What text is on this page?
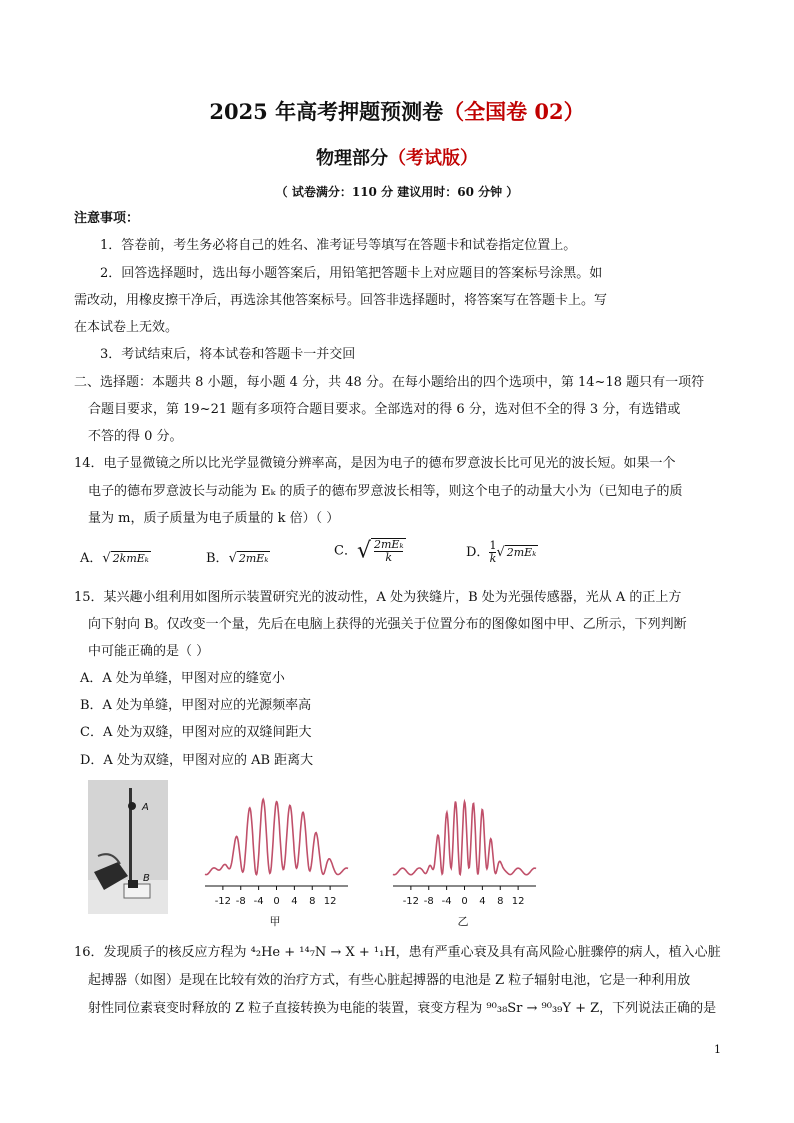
2025 年高考押题预测卷（全国卷 02）
物理部分（考试版）
（ 试卷满分：110 分 建议用时：60 分钟 ）
注意事项：
1．答卷前，考生务必将自己的姓名、准考证号等填写在答题卡和试卷指定位置上。
2．回答选择题时，选出每小题答案后，用铅笔把答题卡上对应题目的答案标号涂黑。如
需改动，用橡皮擦干净后，再选涂其他答案标号。回答非选择题时，将答案写在答题卡上。写
在本试卷上无效。
3．考试结束后，将本试卷和答题卡一并交回
二、选择题：本题共 8 小题，每小题 4 分，共 48 分。在每小题给出的四个选项中，第 14~18 题只有一项符
合题目要求，第 19~21 题有多项符合题目要求。全部选对的得 6 分，选对但不全的得 3 分，有选错或
不答的得 0 分。
14．电子显微镜之所以比光学显微镜分辨率高，是因为电子的德布罗意波长比可见光的波长短。如果一个
电子的德布罗意波长与动能为 Eₖ 的质子的德布罗意波长相等，则这个电子的动量大小为（已知电子的质
量为 m，质子质量为电子质量的 k 倍）（ ）
A．√ 2kmEₖ	B．√ 2mEₖ	C．√ $\frac{\text{2mEₖ}}{k}$	D． $\frac{1}{k}$ √ 2mEₖ
15．某兴趣小组利用如图所示装置研究光的波动性，A 处为狭缝片，B 处为光强传感器，光从 A 的正上方
向下射向 B。仅改变一个量，先后在电脑上获得的光强关于位置分布的图像如图中甲、乙所示，下列判断
中可能正确的是（ ）
A．A 处为单缝，甲图对应的缝宽小
B．A 处为单缝，甲图对应的光源频率高
C．A 处为双缝，甲图对应的双缝间距大
D．A 处为双缝，甲图对应的 AB 距离大
A
B
-12 -8 -4 0 4 8 12
甲
-12 -8 -4 0 4 8 12
乙
16．发现质子的核反应方程为 ⁴₂He + ¹⁴₇N → X + ¹₁H，患有严重心衰及具有高风险心脏骤停的病人，植入心脏
起搏器（如图）是现在比较有效的治疗方式，有些心脏起搏器的电池是 Z 粒子辐射电池，它是一种利用放
射性同位素衰变时释放的 Z 粒子直接转换为电能的装置，衰变方程为 ⁹⁰₃₈Sr → ⁹⁰₃₉Y + Z，下列说法正确的是
1
